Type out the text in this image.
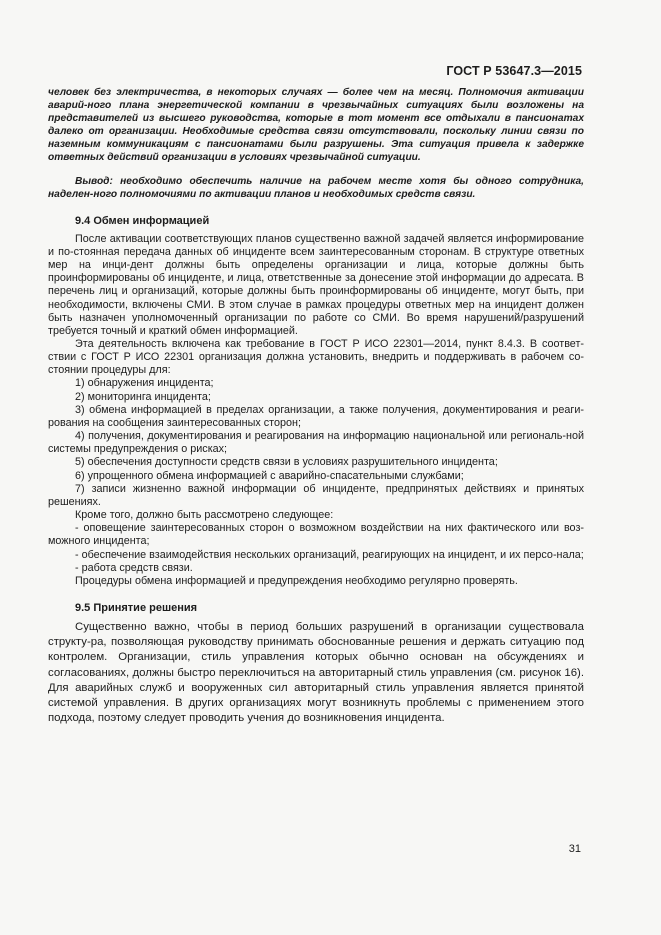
ГОСТ Р 53647.3—2015

человек без электричества, в некоторых случаях — более чем на месяц. Полномочия активации аварий-ного плана энергетической компании в чрезвычайных ситуациях были возложены на представителей из высшего руководства, которые в тот момент все отдыхали в пансионатах далеко от организации. Необходимые средства связи отсутствовали, поскольку линии связи по наземным коммуникациям с пансионатами были разрушены. Эта ситуация привела к задержке ответных действий организации в условиях чрезвычайной ситуации.

Вывод: необходимо обеспечить наличие на рабочем месте хотя бы одного сотрудника, наделен-ного полномочиями по активации планов и необходимых средств связи.

9.4 Обмен информацией

После активации соответствующих планов существенно важной задачей является информирование и по-стоянная передача данных об инциденте всем заинтересованным сторонам. В структуре ответных мер на инци-дент должны быть определены организации и лица, которые должны быть проинформированы об инциденте, и лица, ответственные за донесение этой информации до адресата. В перечень лиц и организаций, которые должны быть проинформированы об инциденте, могут быть, при необходимости, включены СМИ. В этом случае в рамках процедуры ответных мер на инцидент должен быть назначен уполномоченный организации по работе со СМИ. Во время нарушений/разрушений требуется точный и краткий обмен информацией.

Эта деятельность включена как требование в ГОСТ Р ИСО 22301—2014, пункт 8.4.3. В соответ-ствии с ГОСТ Р ИСО 22301 организация должна установить, внедрить и поддерживать в рабочем со-стоянии процедуры для:

1) обнаружения инцидента;

2) мониторинга инцидента;

3) обмена информацией в пределах организации, а также получения, документирования и реаги-рования на сообщения заинтересованных сторон;

4) получения, документирования и реагирования на информацию национальной или региональ-ной системы предупреждения о рисках;

5) обеспечения доступности средств связи в условиях разрушительного инцидента;

6) упрощенного обмена информацией с аварийно-спасательными службами;

7) записи жизненно важной информации об инциденте, предпринятых действиях и принятых решениях.

Кроме того, должно быть рассмотрено следующее:

- оповещение заинтересованных сторон о возможном воздействии на них фактического или воз-можного инцидента;

- обеспечение взаимодействия нескольких организаций, реагирующих на инцидент, и их персо-нала;

- работа средств связи.

Процедуры обмена информацией и предупреждения необходимо регулярно проверять.

9.5 Принятие решения

Существенно важно, чтобы в период больших разрушений в организации существовала структу-ра, позволяющая руководству принимать обоснованные решения и держать ситуацию под контролем. Организации, стиль управления которых обычно основан на обсуждениях и согласованиях, должны быстро переключиться на авторитарный стиль управления (см. рисунок 16). Для аварийных служб и вооруженных сил авторитарный стиль управления является принятой системой управления. В других организациях могут возникнуть проблемы с применением этого подхода, поэтому следует проводить учения до возникновения инцидента.

31
